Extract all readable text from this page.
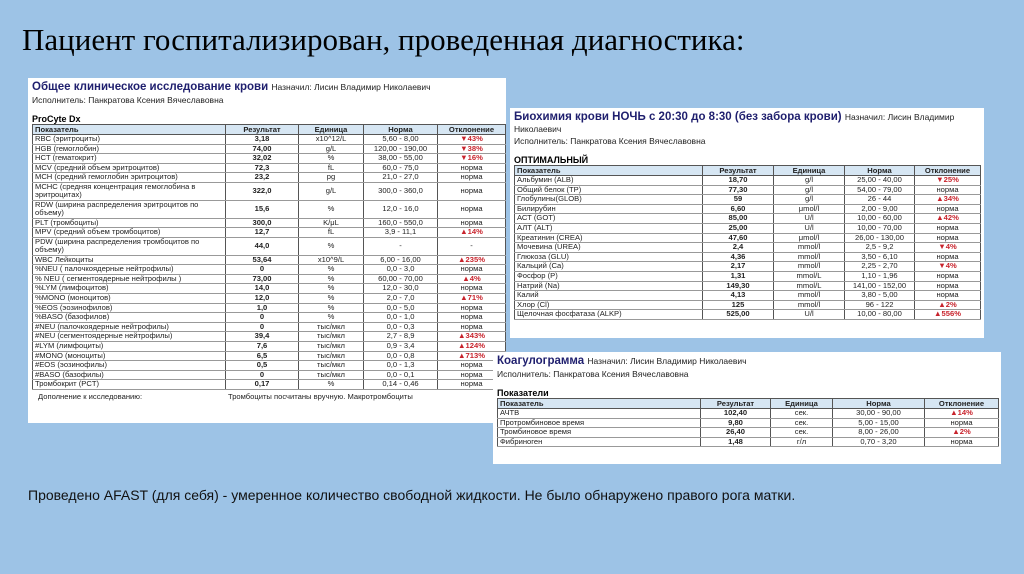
Пациент госпитализирован, проведенная диагностика:
Общее клиническое исследование крови Назначил: Лисин Владимир Николаевич
Исполнитель: Панкратова Ксения Вячеславовна
ProCyte Dx
Показатель	Результат	Единица	Норма	Отклонение
RBC (эритроциты)	3,18	x10^12/L	5,60 - 8,00	▼43%
HGB (гемоглобин)	74,00	g/L	120,00 - 190,00	▼38%
HCT (гематокрит)	32,02	%	38,00 - 55,00	▼16%
MCV (средний объем эритроцитов)	72,3	fL	60,0 - 75,0	норма
MCH (средний гемоглобин эритроцитов)	23,2	pg	21,0 - 27,0	норма
MCHC (средняя концентрация гемоглобина в эритроцитах)	322,0	g/L	300,0 - 360,0	норма
RDW (ширина распределения эритроцитов по объему)	15,6	%	12,0 - 16,0	норма
PLT (тромбоциты)	300,0	K/μL	160,0 - 550,0	норма
MPV (средний объем тромбоцитов)	12,7	fL	3,9 - 11,1	▲14%
PDW (ширина распределения тромбоцитов по объему)	44,0	%	-	-
WBC Лейкоциты	53,64	x10^9/L	6,00 - 16,00	▲235%
%NEU ( палочкоядерные нейтрофилы)	0	%	0,0 - 3,0	норма
% NEU ( сегментоядерные нейтрофилы )	73,00	%	60,00 - 70,00	▲4%
%LYM (лимфоцитов)	14,0	%	12,0 - 30,0	норма
%MONO (моноцитов)	12,0	%	2,0 - 7,0	▲71%
%EOS (эозинофилов)	1,0	%	0,0 - 5,0	норма
%BASO (базофилов)	0	%	0,0 - 1,0	норма
#NEU (палочкоядерные нейтрофилы)	0	тыс/мкл	0,0 - 0,3	норма
#NEU (сегментоядерные нейтрофилы)	39,4	тыс/мкл	2,7 - 8,9	▲343%
#LYM (лимфоциты)	7,6	тыс/мкл	0,9 - 3,4	▲124%
#MONO (моноциты)	6,5	тыс/мкл	0,0 - 0,8	▲713%
#EOS (эозинофилы)	0,5	тыс/мкл	0,0 - 1,3	норма
#BASO (базофилы)	0	тыс/мкл	0,0 - 0,1	норма
Тромбокрит (PCT)	0,17	%	0,14 - 0,46	норма
Дополнение к исследованию:	Тромбоциты посчитаны вручную. Макротромбоциты
Биохимия крови НОЧЬ с 20:30 до 8:30 (без забора крови) Назначил: Лисин Владимир Николаевич
Исполнитель: Панкратова Ксения Вячеславовна
ОПТИМАЛЬНЫЙ
Показатель	Результат	Единица	Норма	Отклонение
Альбумин (ALB)	18,70	g/l	25,00 - 40,00	▼25%
Общий белок (TP)	77,30	g/l	54,00 - 79,00	норма
Глобулины(GLOB)	59	g/l	26 - 44	▲34%
Билирубин	6,60	μmol/l	2,00 - 9,00	норма
АСТ (GOT)	85,00	U/l	10,00 - 60,00	▲42%
АЛТ (ALT)	25,00	U/l	10,00 - 70,00	норма
Креатинин (CREA)	47,60	μmol/l	26,00 - 130,00	норма
Мочевина (UREA)	2,4	mmol/l	2,5 - 9,2	▼4%
Глюкоза (GLU)	4,36	mmol/l	3,50 - 6,10	норма
Кальций (Ca)	2,17	mmol/l	2,25 - 2,70	▼4%
Фосфор (P)	1,31	mmol/L	1,10 - 1,96	норма
Натрий (Na)	149,30	mmol/L	141,00 - 152,00	норма
Калий	4,13	mmol/l	3,80 - 5,00	норма
Хлор (Cl)	125	mmol/l	96 - 122	▲2%
Щелочная фосфатаза (ALKP)	525,00	U/l	10,00 - 80,00	▲556%
Коагулограмма Назначил: Лисин Владимир Николаевич
Исполнитель: Панкратова Ксения Вячеславовна
Показатели
Показатель	Результат	Единица	Норма	Отклонение
АЧТВ	102,40	сек.	30,00 - 90,00	▲14%
Протромбиновое время	9,80	сек.	5,00 - 15,00	норма
Тромбиновое время	26,40	сек.	8,00 - 26,00	▲2%
Фибриноген	1,48	г/л	0,70 - 3,20	норма
Проведено AFAST (для себя) - умеренное количество свободной жидкости. Не было обнаружено правого рога матки.
